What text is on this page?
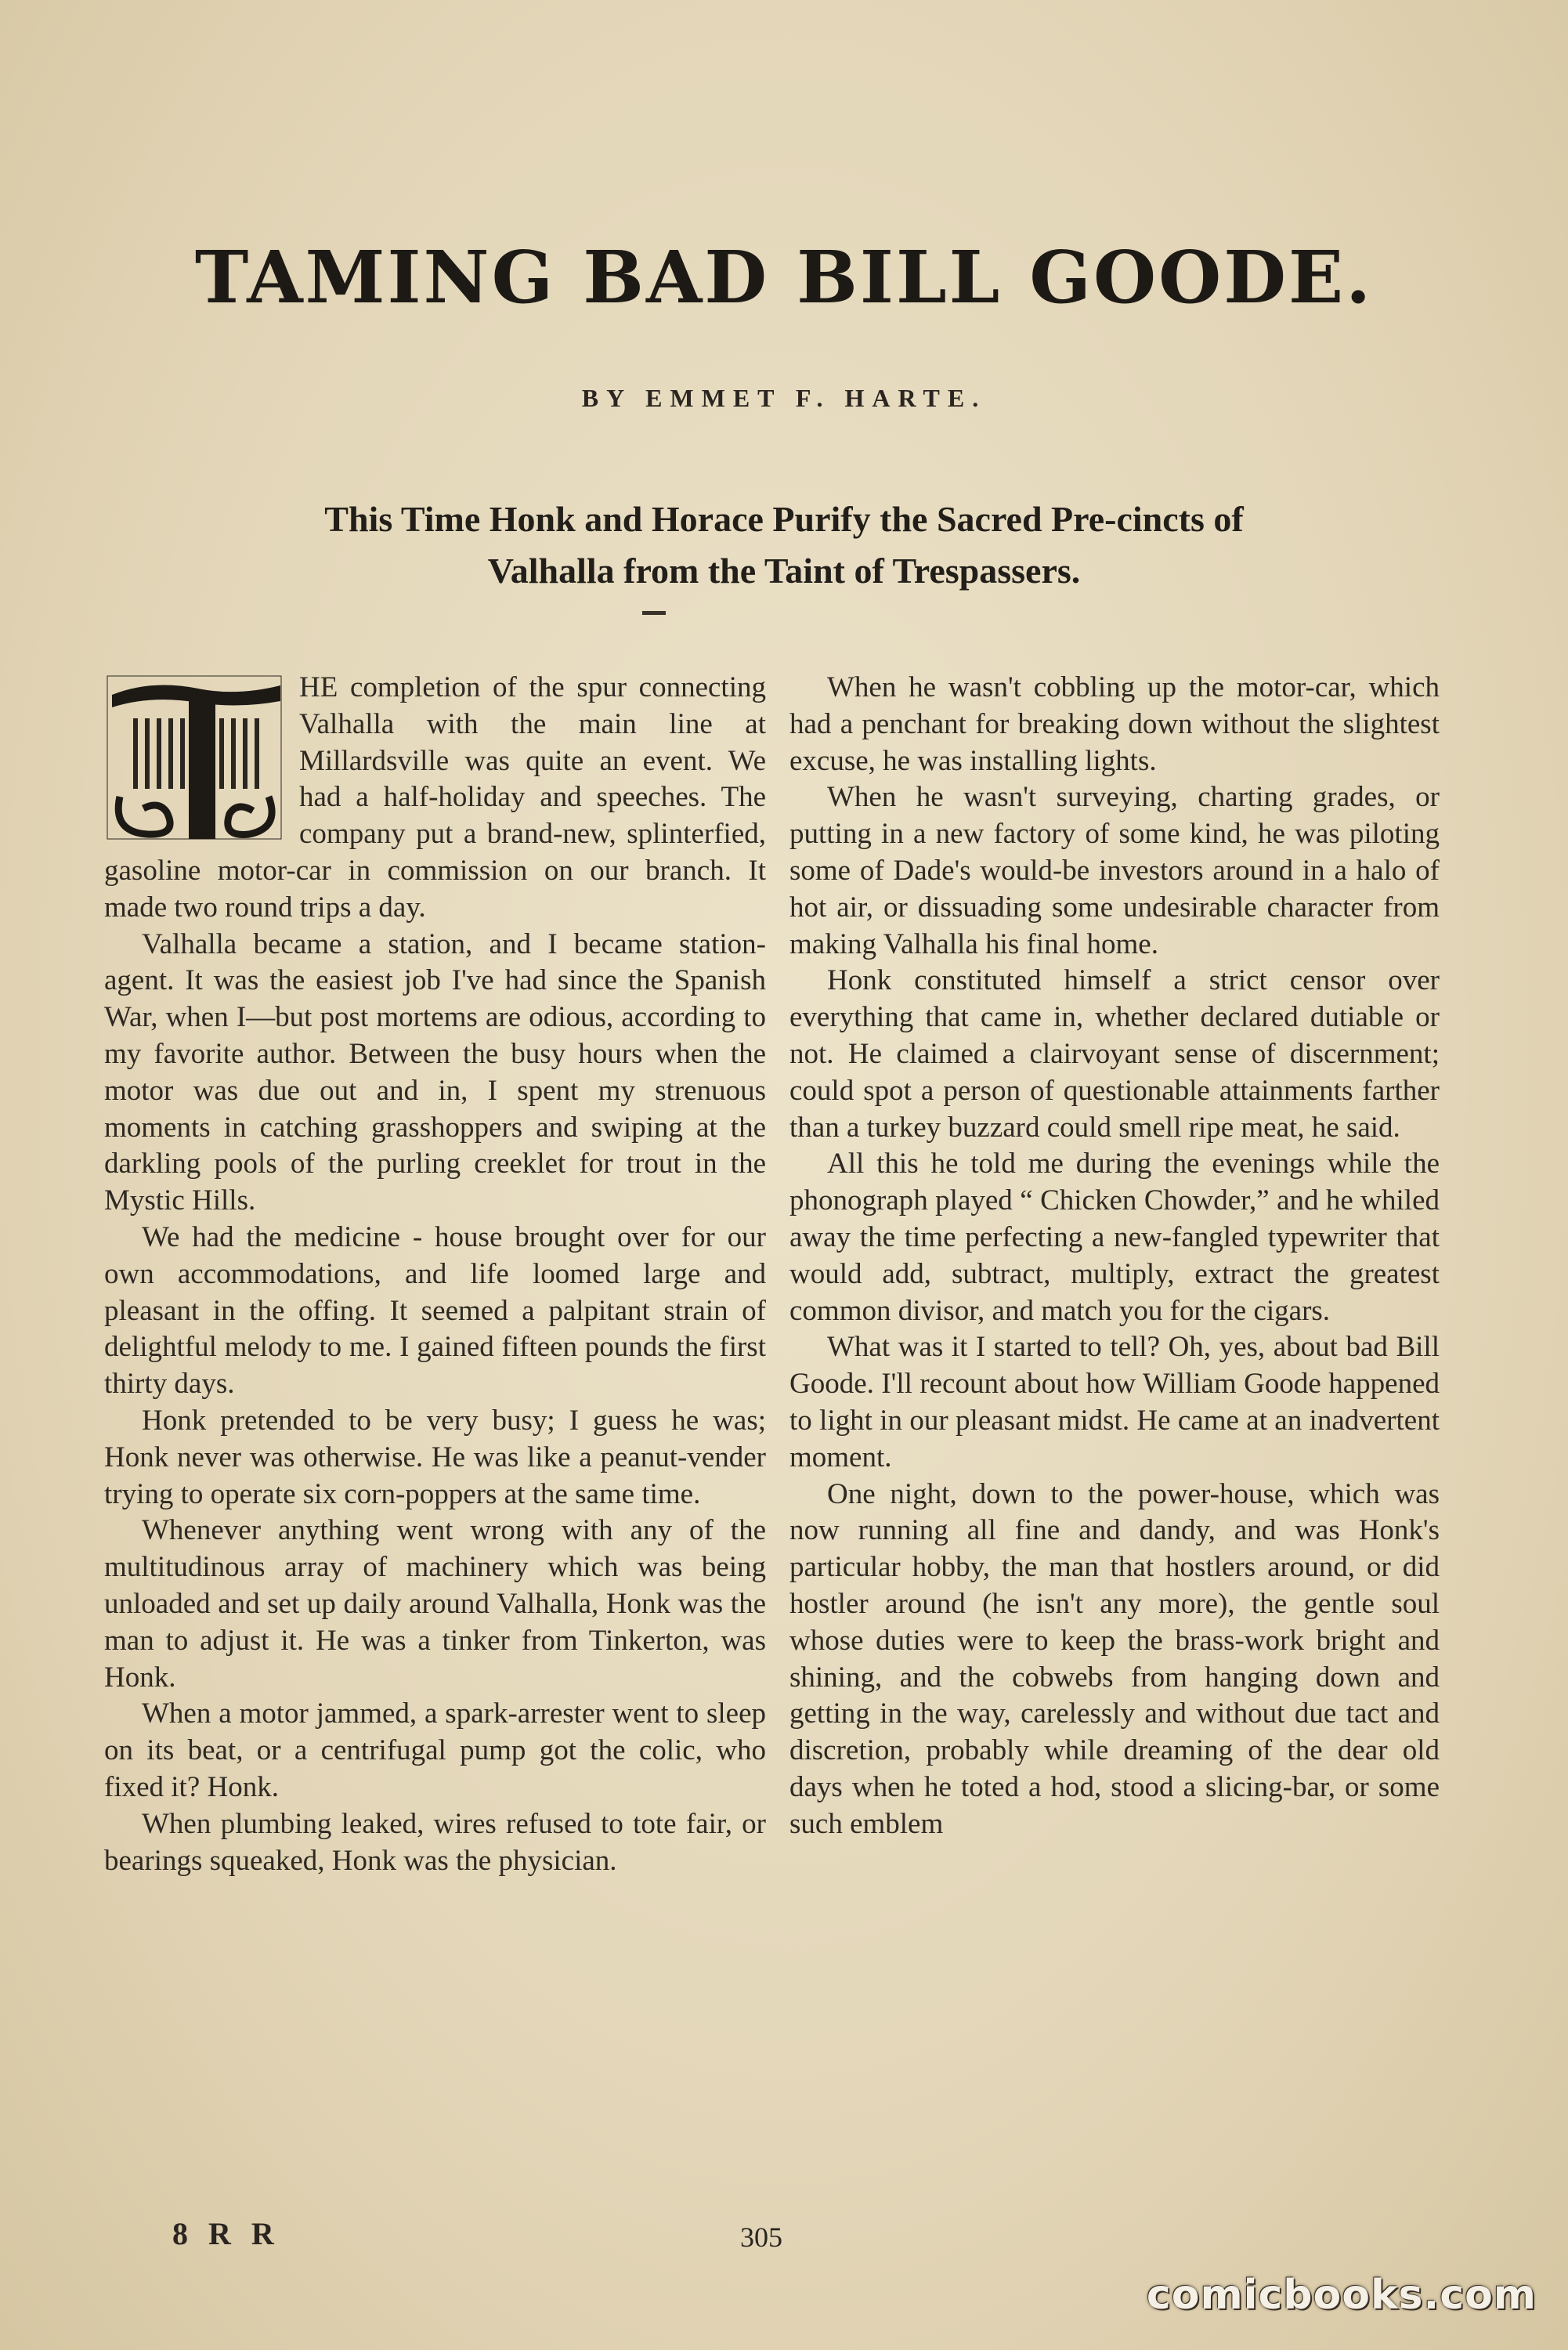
TAMING BAD BILL GOODE.
BY EMMET F. HARTE.
This Time Honk and Horace Purify the Sacred Pre-cincts of Valhalla from the Taint of Trespassers.

HE completion of the spur connecting Valhalla with the main line at Millardsville was quite an event. We had a half-holiday and speeches. The company put a brand-new, splinterfied, gasoline motor-car in commission on our branch. It made two round trips a day.

Valhalla became a station, and I became station-agent. It was the easiest job I've had since the Spanish War, when I—but post mortems are odious, according to my favorite author. Between the busy hours when the motor was due out and in, I spent my strenuous moments in catching grasshoppers and swiping at the darkling pools of the purling creeklet for trout in the Mystic Hills.

We had the medicine - house brought over for our own accommodations, and life loomed large and pleasant in the offing. It seemed a palpitant strain of delightful melody to me. I gained fifteen pounds the first thirty days.

Honk pretended to be very busy; I guess he was; Honk never was otherwise. He was like a peanut-vender trying to operate six corn-poppers at the same time.

Whenever anything went wrong with any of the multitudinous array of machinery which was being unloaded and set up daily around Valhalla, Honk was the man to adjust it. He was a tinker from Tinkerton, was Honk.

When a motor jammed, a spark-arrester went to sleep on its beat, or a centrifugal pump got the colic, who fixed it? Honk.

When plumbing leaked, wires refused to tote fair, or bearings squeaked, Honk was the physician.

When he wasn't cobbling up the motor-car, which had a penchant for breaking down without the slightest excuse, he was installing lights.

When he wasn't surveying, charting grades, or putting in a new factory of some kind, he was piloting some of Dade's would-be investors around in a halo of hot air, or dissuading some undesirable character from making Valhalla his final home.

Honk constituted himself a strict censor over everything that came in, whether declared dutiable or not. He claimed a clairvoyant sense of discernment; could spot a person of questionable attainments farther than a turkey buzzard could smell ripe meat, he said.

All this he told me during the evenings while the phonograph played “ Chicken Chowder,” and he whiled away the time perfecting a new-fangled typewriter that would add, subtract, multiply, extract the greatest common divisor, and match you for the cigars.

What was it I started to tell? Oh, yes, about bad Bill Goode. I'll recount about how William Goode happened to light in our pleasant midst. He came at an inadvertent moment.

One night, down to the power-house, which was now running all fine and dandy, and was Honk's particular hobby, the man that hostlers around, or did hostler around (he isn't any more), the gentle soul whose duties were to keep the brass-work bright and shining, and the cobwebs from hanging down and getting in the way, carelessly and without due tact and discretion, probably while dreaming of the dear old days when he toted a hod, stood a slicing-bar, or some such emblem

8 R R	305
comicbooks.com
